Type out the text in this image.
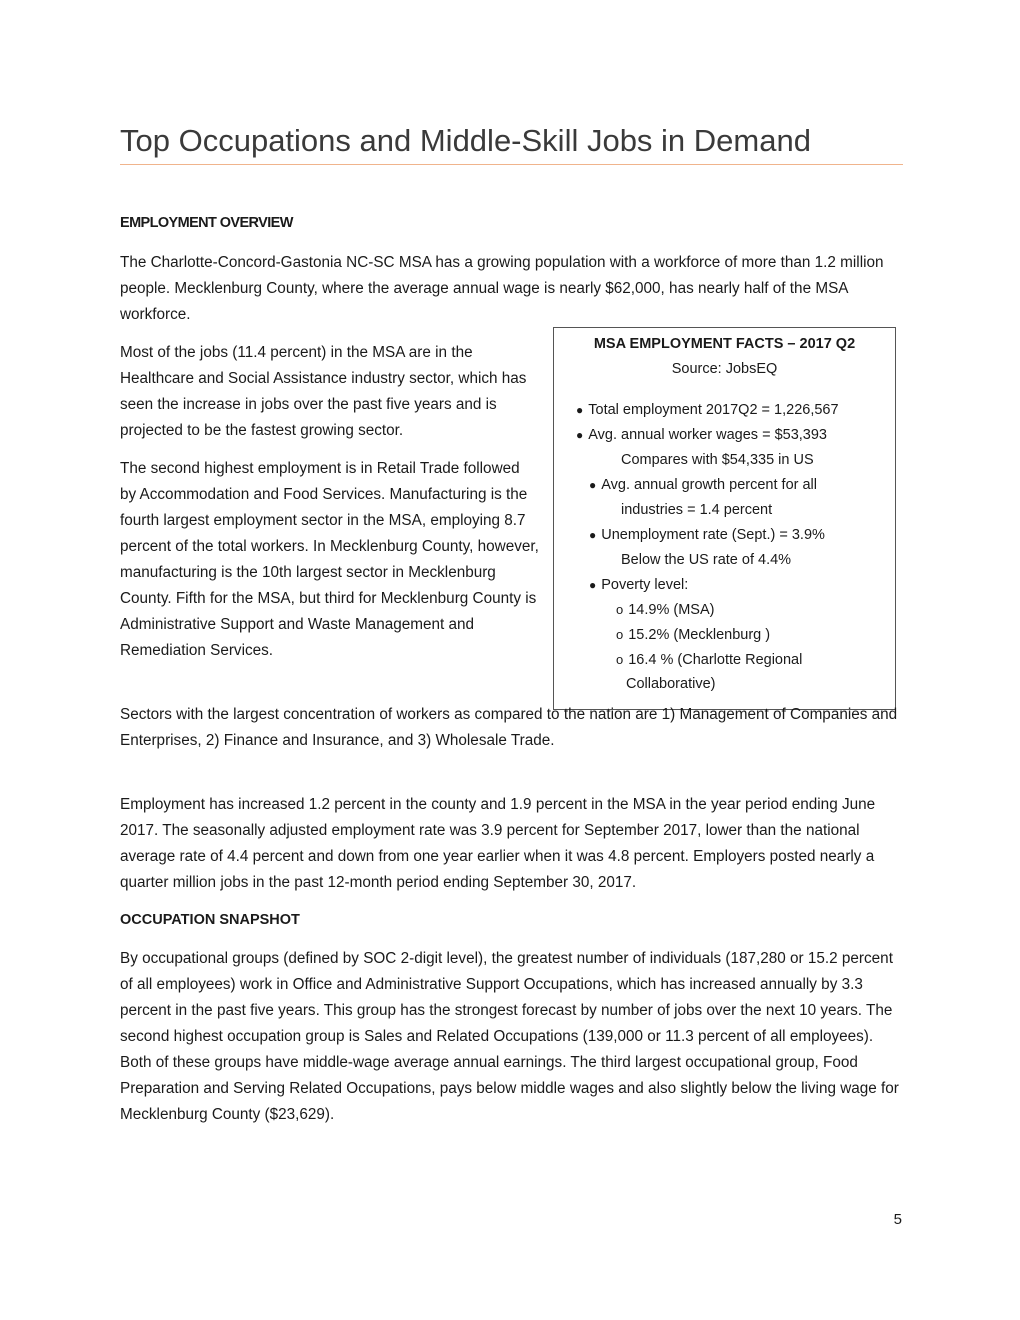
Top Occupations and Middle-Skill Jobs in Demand
EMPLOYMENT OVERVIEW

The Charlotte-Concord-Gastonia NC-SC MSA has a growing population with a workforce of more than 1.2 million people. Mecklenburg County, where the average annual wage is nearly $62,000, has nearly half of the MSA workforce.

Most of the jobs (11.4 percent) in the MSA are in the Healthcare and Social Assistance industry sector, which has seen the increase in jobs over the past five years and is projected to be the fastest growing sector.

The second highest employment is in Retail Trade followed by Accommodation and Food Services. Manufacturing is the fourth largest employment sector in the MSA, employing 8.7 percent of the total workers. In Mecklenburg County, however, manufacturing is the 10th largest sector in Mecklenburg County. Fifth for the MSA, but third for Mecklenburg County is Administrative Support and Waste Management and Remediation Services.

MSA EMPLOYMENT FACTS – 2017 Q2
Source: JobsEQ
● Total employment 2017Q2 = 1,226,567
● Avg. annual worker wages = $53,393
Compares with $54,335 in US
● Avg. annual growth percent for all
industries = 1.4 percent
● Unemployment rate (Sept.) = 3.9%
Below the US rate of 4.4%
● Poverty level:
o 14.9% (MSA)
o 15.2% (Mecklenburg )
o 16.4 % (Charlotte Regional
Collaborative)

Sectors with the largest concentration of workers as compared to the nation are 1) Management of Companies and Enterprises, 2) Finance and Insurance, and 3) Wholesale Trade.

Employment has increased 1.2 percent in the county and 1.9 percent in the MSA in the year period ending June 2017. The seasonally adjusted employment rate was 3.9 percent for September 2017, lower than the national average rate of 4.4 percent and down from one year earlier when it was 4.8 percent. Employers posted nearly a quarter million jobs in the past 12-month period ending September 30, 2017.

OCCUPATION SNAPSHOT

By occupational groups (defined by SOC 2-digit level), the greatest number of individuals (187,280 or 15.2 percent of all employees) work in Office and Administrative Support Occupations, which has increased annually by 3.3 percent in the past five years. This group has the strongest forecast by number of jobs over the next 10 years. The second highest occupation group is Sales and Related Occupations (139,000 or 11.3 percent of all employees). Both of these groups have middle-wage average annual earnings. The third largest occupational group, Food Preparation and Serving Related Occupations, pays below middle wages and also slightly below the living wage for Mecklenburg County ($23,629).

5
